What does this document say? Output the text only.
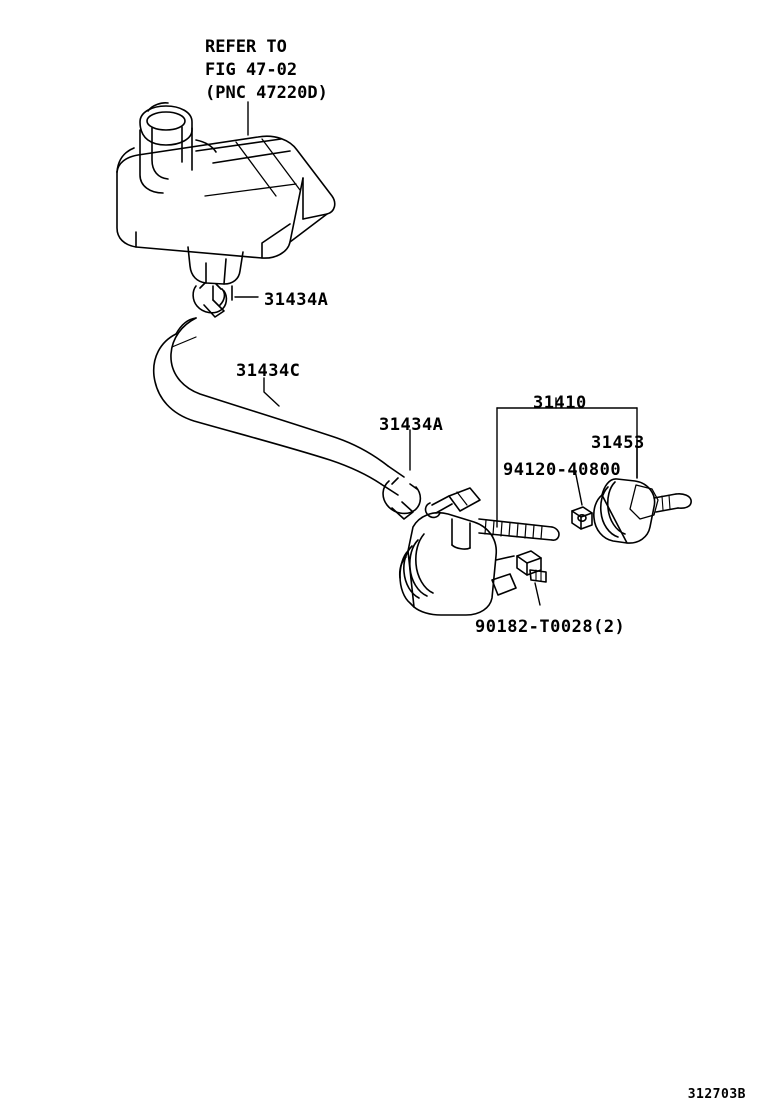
REFER TO
FIG 47-02
(PNC 47220D)
31434A
31434C
31434A
31410
31453
94120-40800
90182-T0028(2)
312703B
